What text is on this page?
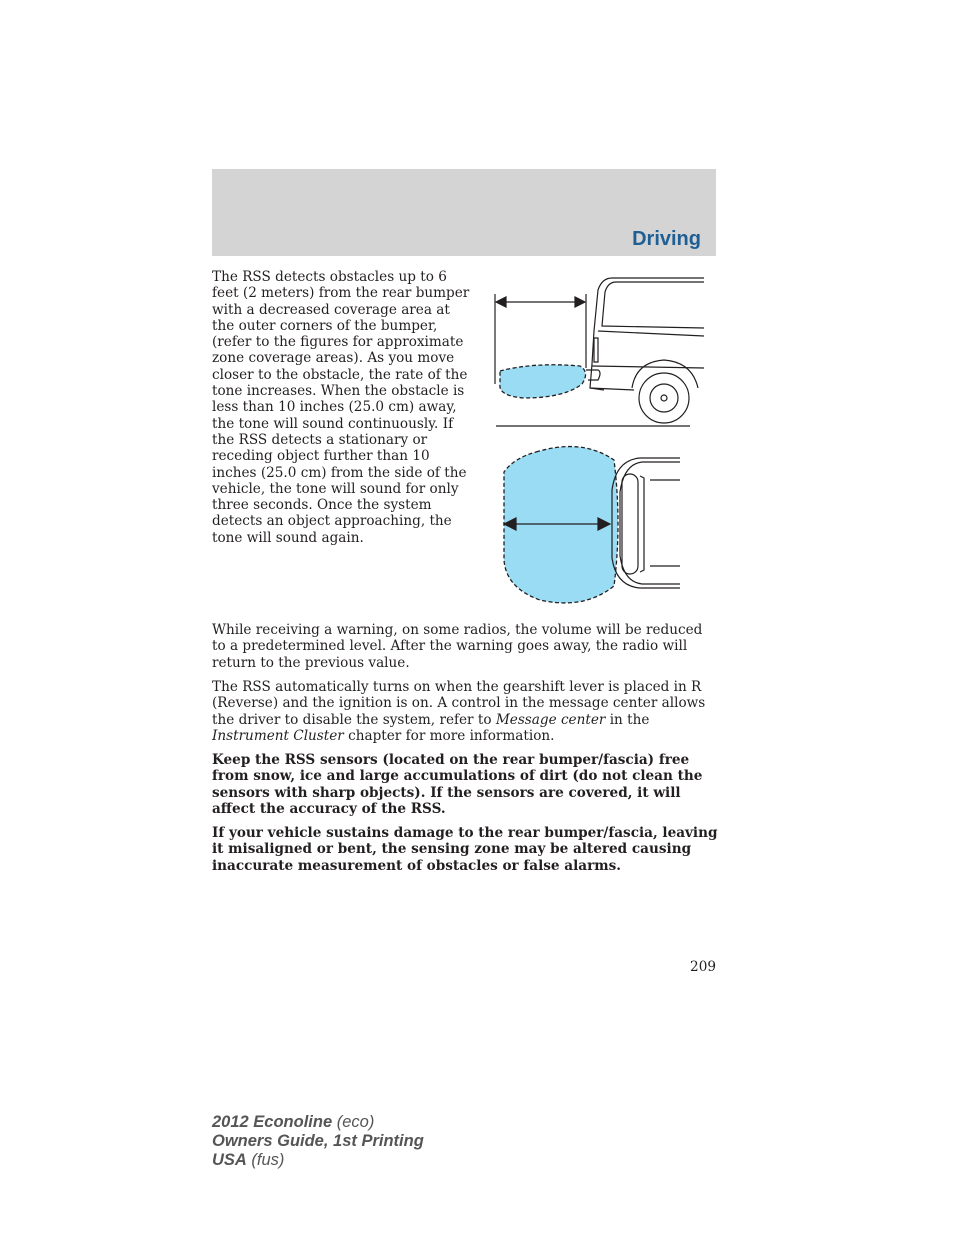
Driving

The RSS detects obstacles up to 6 feet (2 meters) from the rear bumper with a decreased coverage area at the outer corners of the bumper, (refer to the figures for approximate zone coverage areas). As you move closer to the obstacle, the rate of the tone increases. When the obstacle is less than 10 inches (25.0 cm) away, the tone will sound continuously. If the RSS detects a stationary or receding object further than 10 inches (25.0 cm) from the side of the vehicle, the tone will sound for only three seconds. Once the system detects an object approaching, the tone will sound again.

While receiving a warning, on some radios, the volume will be reduced to a predetermined level. After the warning goes away, the radio will return to the previous value.

The RSS automatically turns on when the gearshift lever is placed in R (Reverse) and the ignition is on. A control in the message center allows the driver to disable the system, refer to Message center in the Instrument Cluster chapter for more information.

Keep the RSS sensors (located on the rear bumper/fascia) free from snow, ice and large accumulations of dirt (do not clean the sensors with sharp objects). If the sensors are covered, it will affect the accuracy of the RSS.

If your vehicle sustains damage to the rear bumper/fascia, leaving it misaligned or bent, the sensing zone may be altered causing inaccurate measurement of obstacles or false alarms.

209
2012 Econoline (eco)
Owners Guide, 1st Printing
USA (fus)
